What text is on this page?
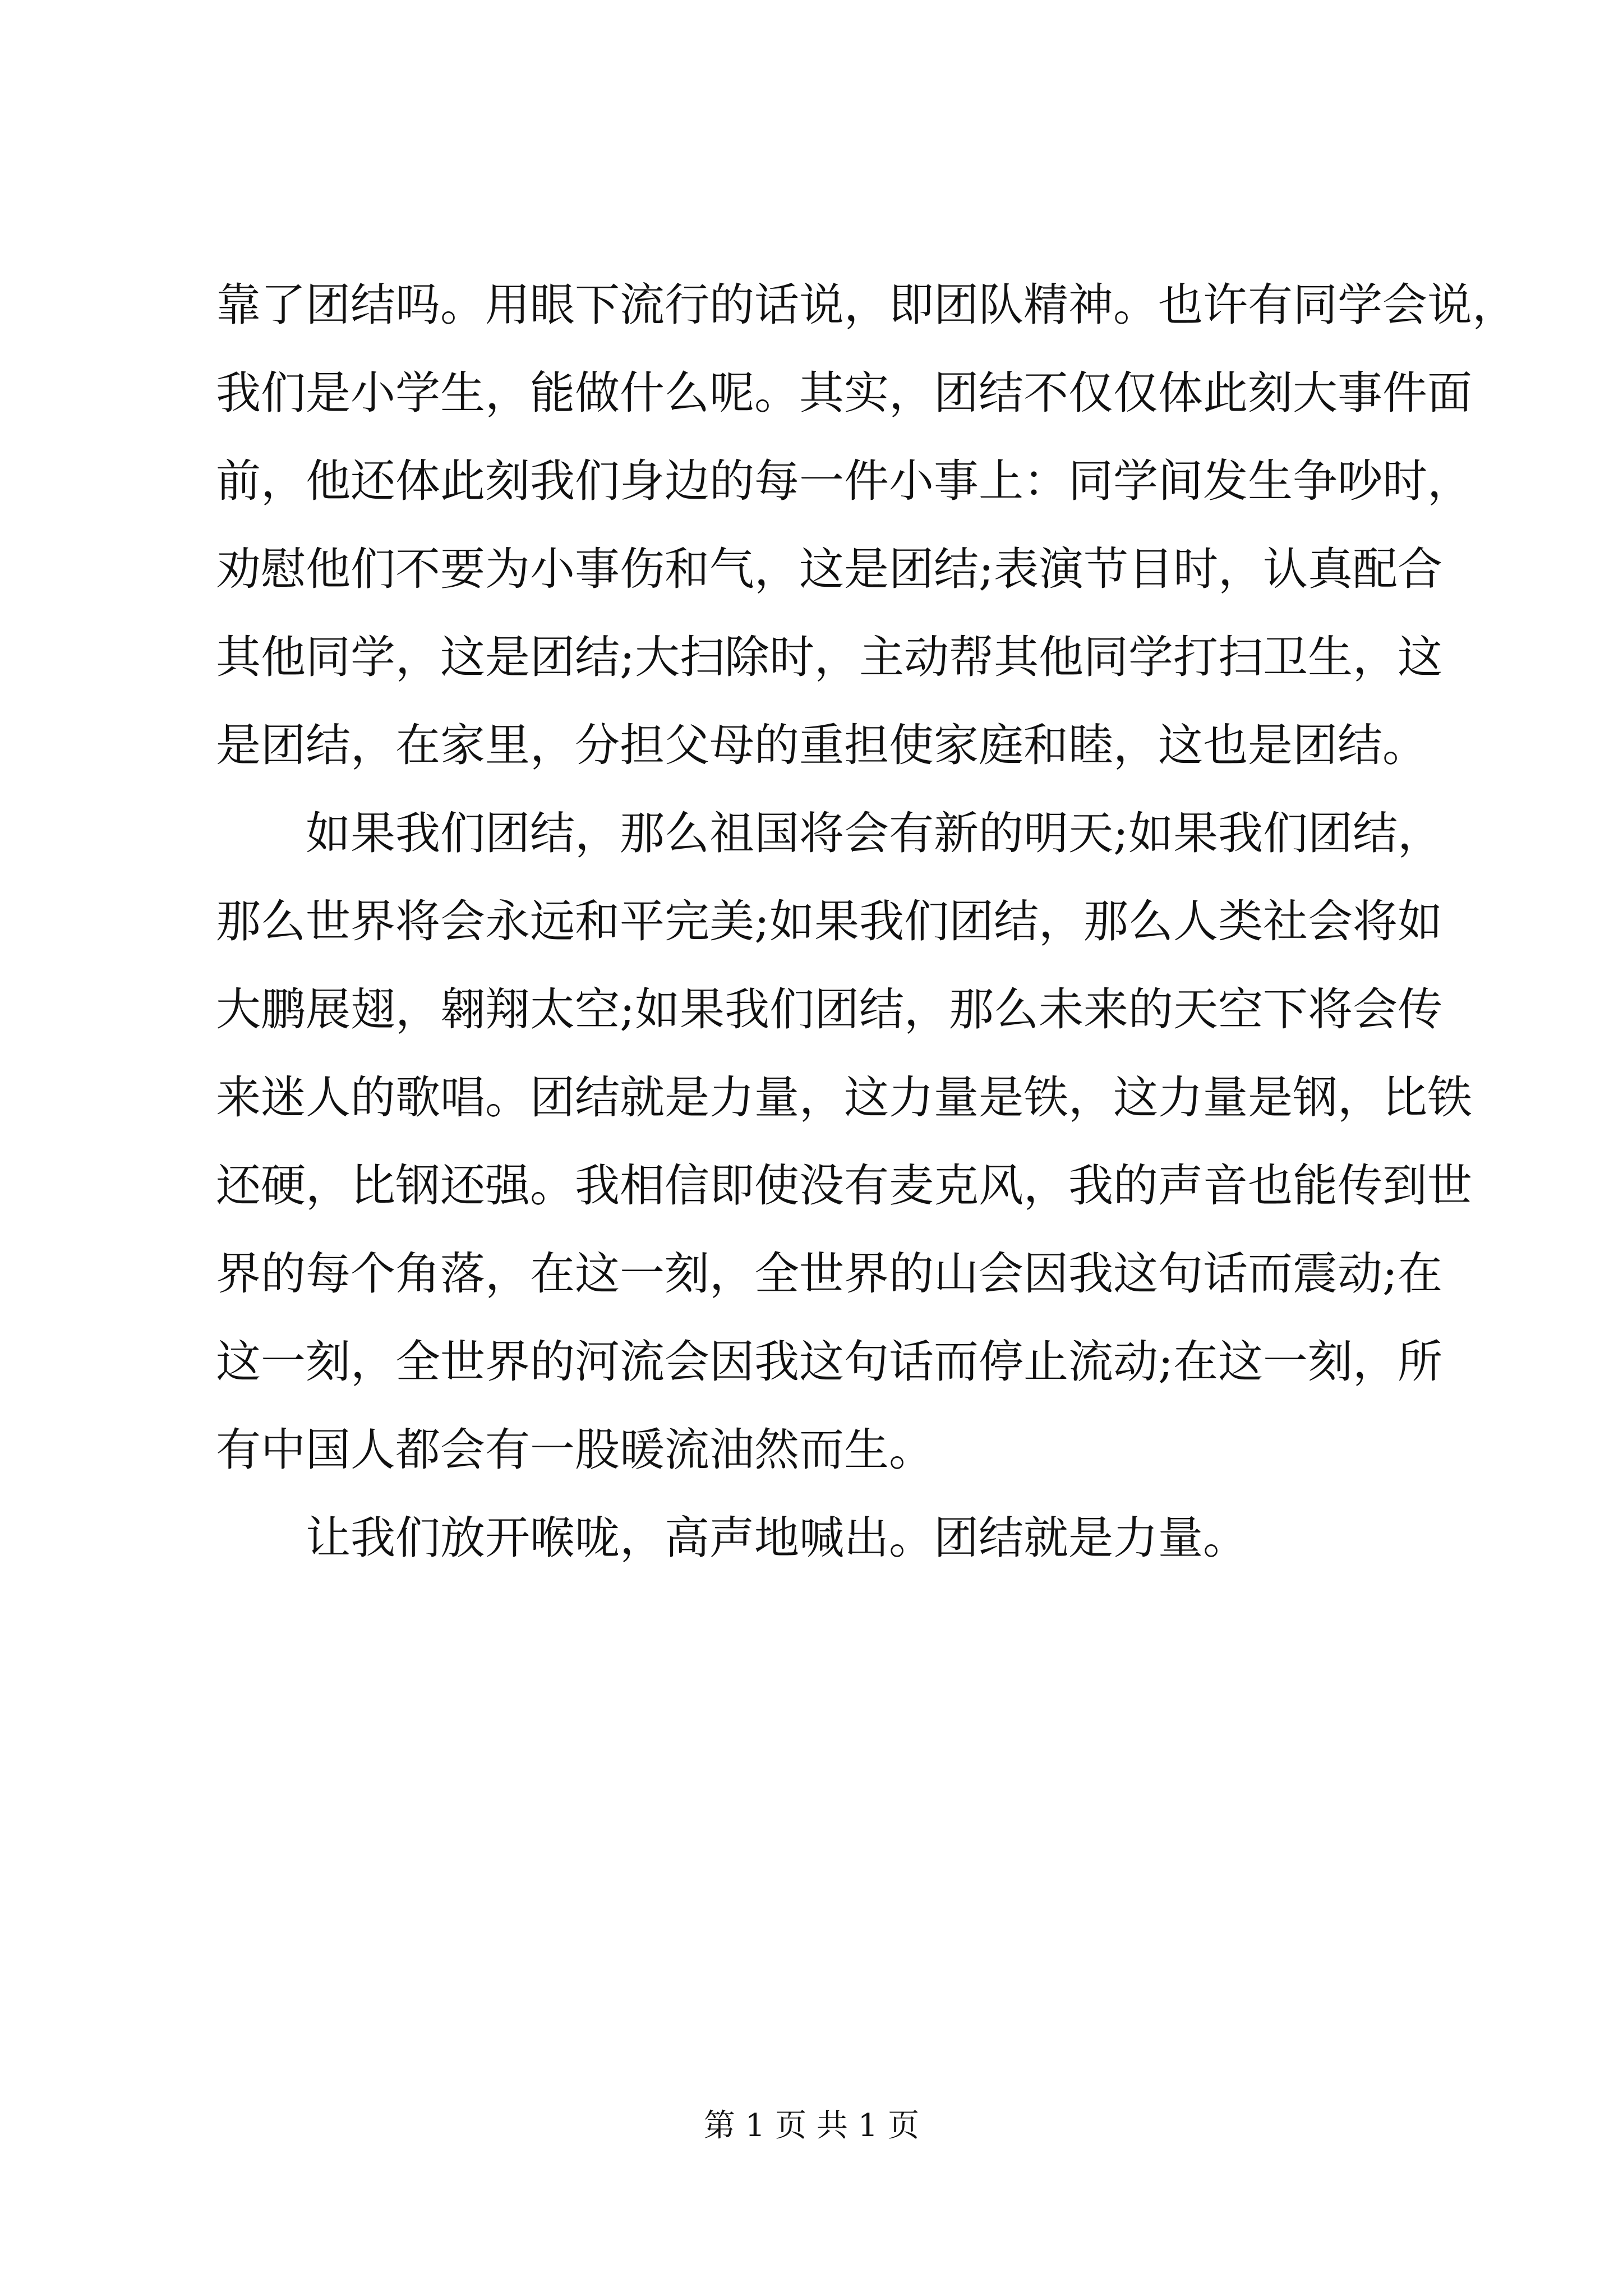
靠了团结吗。用眼下流行的话说，即团队精神。也许有同学会说，
我们是小学生，能做什么呢。其实，团结不仅仅体此刻大事件面
前，他还体此刻我们身边的每一件小事上：同学间发生争吵时，
劝慰他们不要为小事伤和气，这是团结;表演节目时，认真配合
其他同学，这是团结;大扫除时，主动帮其他同学打扫卫生，这
是团结，在家里，分担父母的重担使家庭和睦，这也是团结。
如果我们团结，那么祖国将会有新的明天;如果我们团结，
那么世界将会永远和平完美;如果我们团结，那么人类社会将如
大鹏展翅，翱翔太空;如果我们团结，那么未来的天空下将会传
来迷人的歌唱。团结就是力量，这力量是铁，这力量是钢，比铁
还硬，比钢还强。我相信即使没有麦克风，我的声音也能传到世
界的每个角落，在这一刻，全世界的山会因我这句话而震动;在
这一刻，全世界的河流会因我这句话而停止流动;在这一刻，所
有中国人都会有一股暖流油然而生。
让我们放开喉咙，高声地喊出。团结就是力量。
第 1 页 共 1 页
